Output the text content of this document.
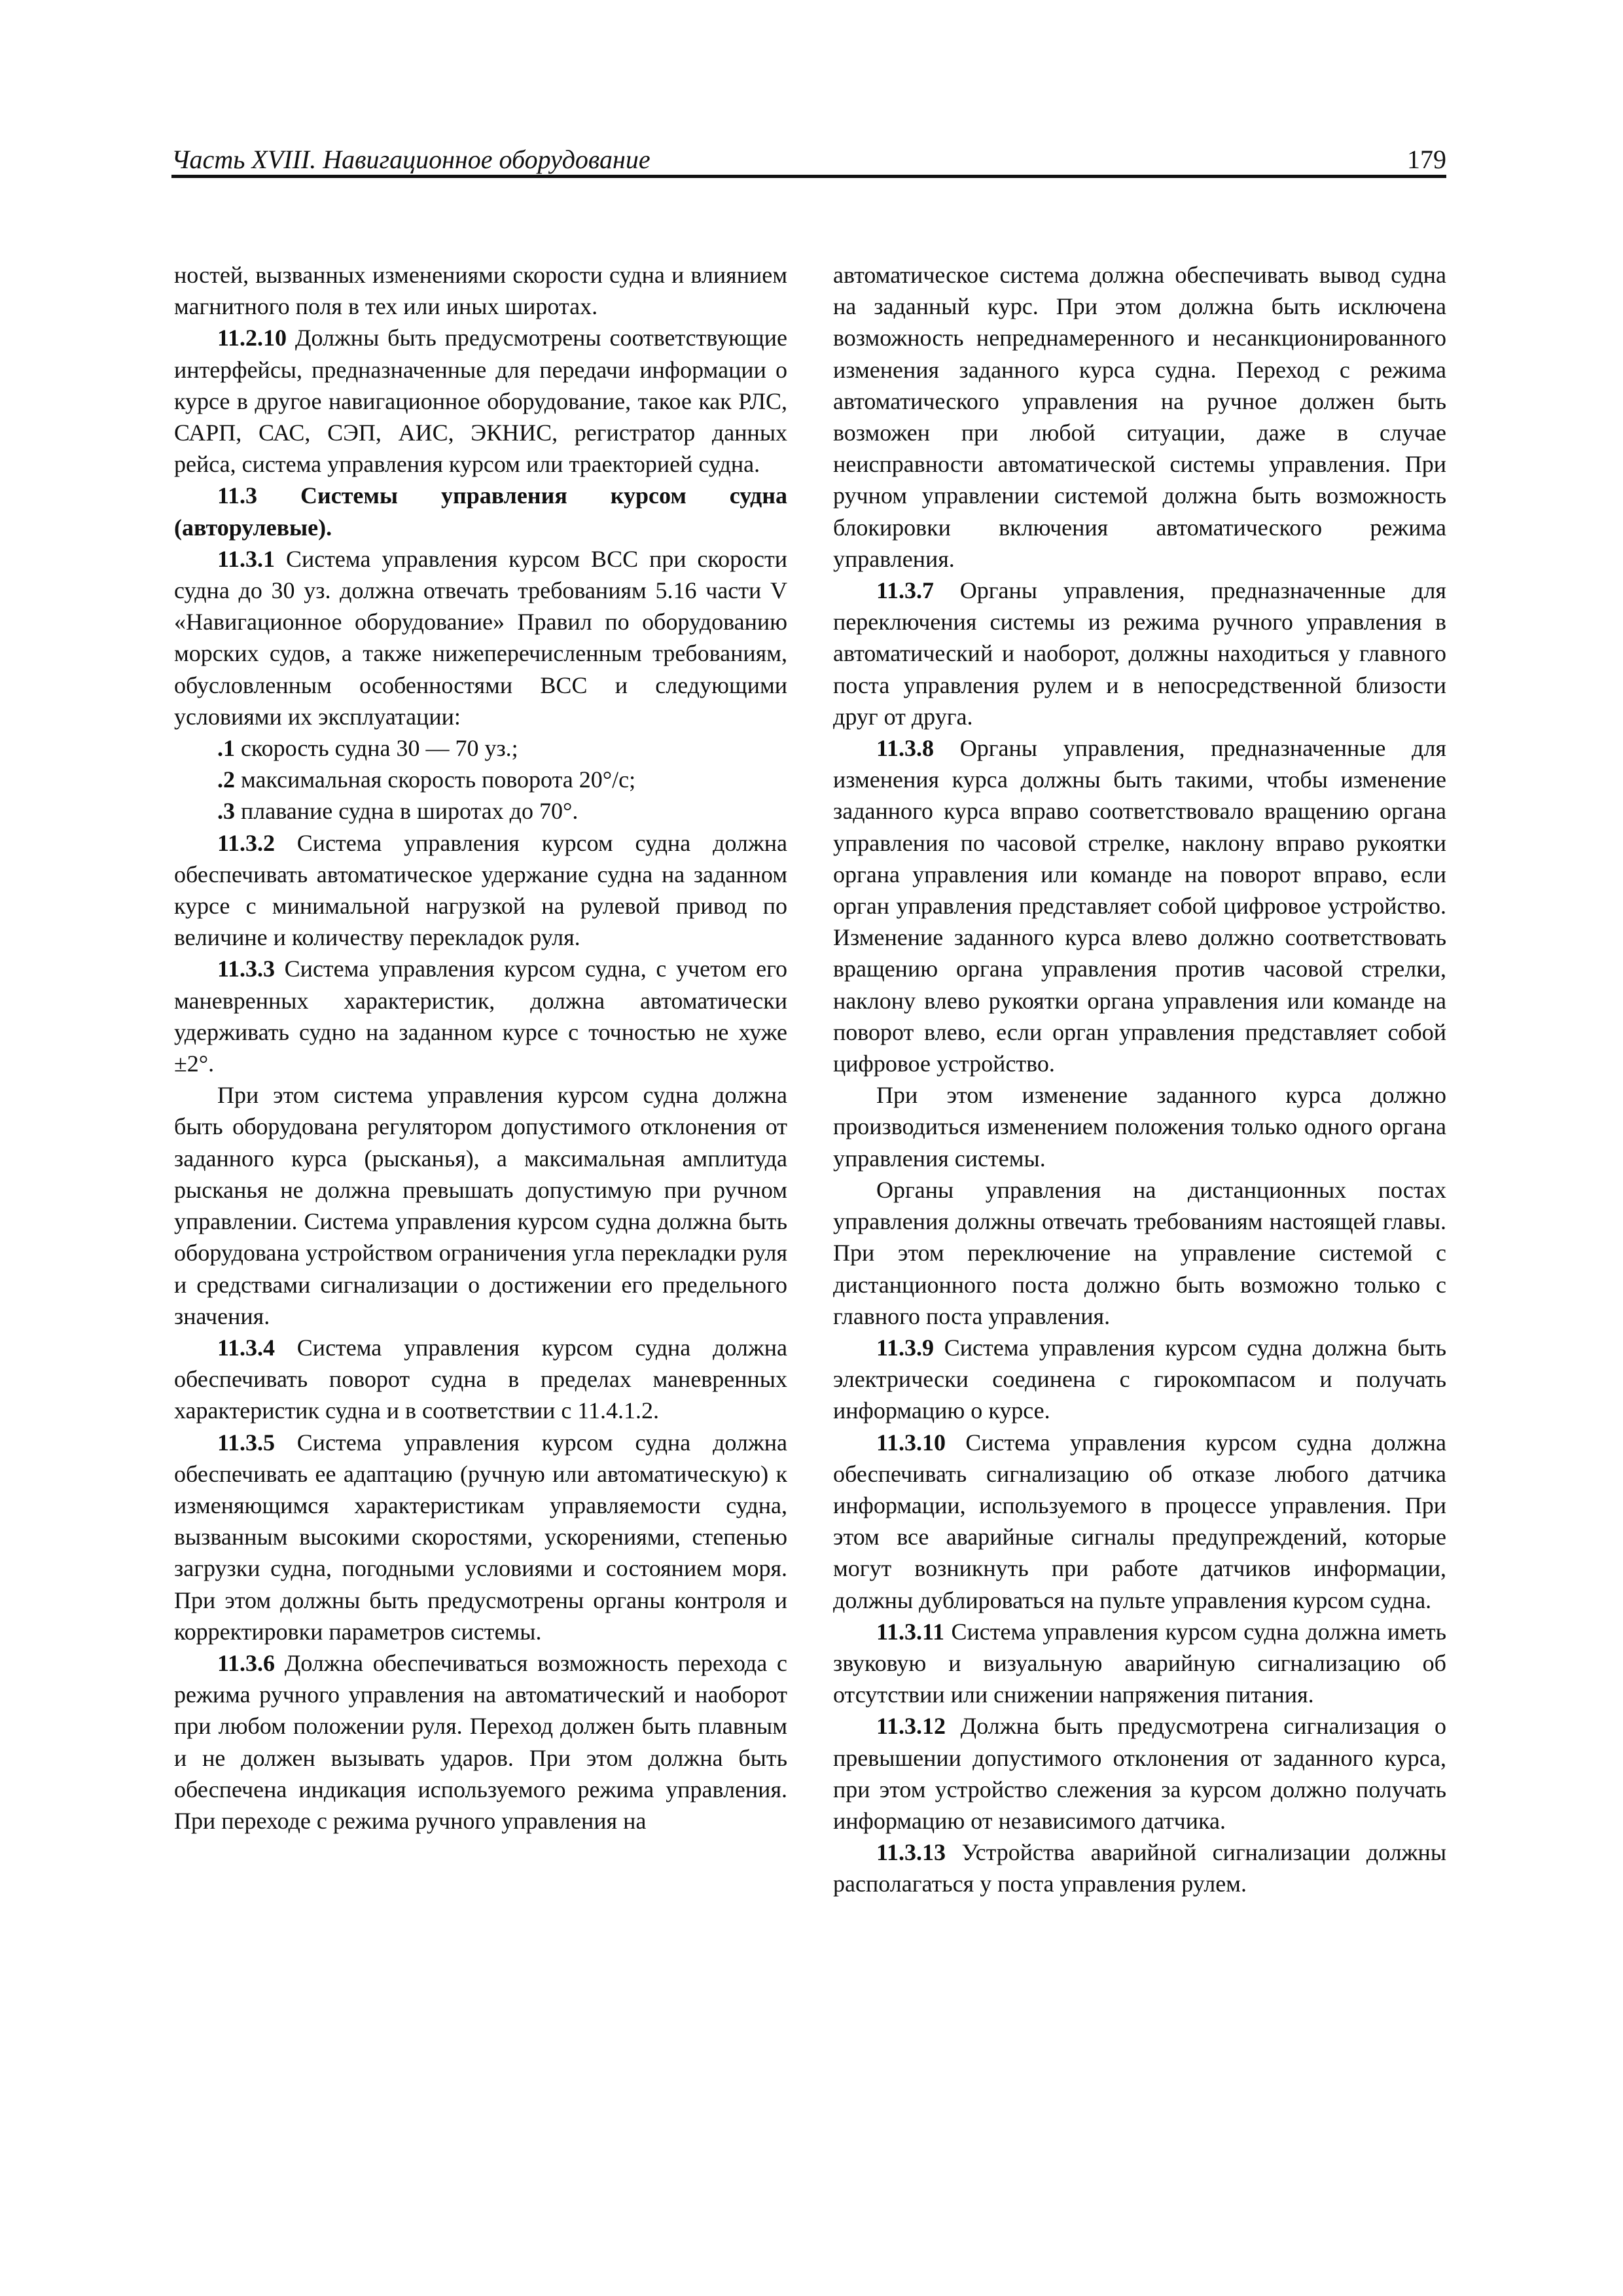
Часть XVIII. Навигационное оборудование	179

ностей, вызванных изменениями скорости судна и влиянием магнитного поля в тех или иных широтах.

11.2.10 Должны быть предусмотрены соответствующие интерфейсы, предназначенные для передачи информации о курсе в другое навигационное оборудование, такое как РЛС, САРП, САС, СЭП, АИС, ЭКНИС, регистратор данных рейса, система управления курсом или траекторией судна.

11.3 Системы управления курсом судна (авторулевые).

11.3.1 Система управления курсом ВСС при скорости судна до 30 уз. должна отвечать требованиям 5.16 части V «Навигационное оборудование» Правил по оборудованию морских судов, а также нижеперечисленным требованиям, обусловленным особенностями ВСС и следующими условиями их эксплуатации:

.1 скорость судна 30 — 70 уз.;

.2 максимальная скорость поворота 20°/с;

.3 плавание судна в широтах до 70°.

11.3.2 Система управления курсом судна должна обеспечивать автоматическое удержание судна на заданном курсе с минимальной нагрузкой на рулевой привод по величине и количеству перекладок руля.

11.3.3 Система управления курсом судна, с учетом его маневренных характеристик, должна автоматически удерживать судно на заданном курсе с точностью не хуже ±2°.

При этом система управления курсом судна должна быть оборудована регулятором допустимого отклонения от заданного курса (рысканья), а максимальная амплитуда рысканья не должна превышать допустимую при ручном управлении. Система управления курсом судна должна быть оборудована устройством ограничения угла перекладки руля и средствами сигнализации о достижении его предельного значения.

11.3.4 Система управления курсом судна должна обеспечивать поворот судна в пределах маневренных характеристик судна и в соответствии с 11.4.1.2.

11.3.5 Система управления курсом судна должна обеспечивать ее адаптацию (ручную или автоматическую) к изменяющимся характеристикам управляемости судна, вызванным высокими скоростями, ускорениями, степенью загрузки судна, погодными условиями и состоянием моря. При этом должны быть предусмотрены органы контроля и корректировки параметров системы.

11.3.6 Должна обеспечиваться возможность перехода с режима ручного управления на автоматический и наоборот при любом положении руля. Переход должен быть плавным и не должен вызывать ударов. При этом должна быть обеспечена индикация используемого режима управления. При переходе с режима ручного управления на

автоматическое система должна обеспечивать вывод судна на заданный курс. При этом должна быть исключена возможность непреднамеренного и несанкционированного изменения заданного курса судна. Переход с режима автоматического управления на ручное должен быть возможен при любой ситуации, даже в случае неисправности автоматической системы управления. При ручном управлении системой должна быть возможность блокировки включения автоматического режима управления.

11.3.7 Органы управления, предназначенные для переключения системы из режима ручного управления в автоматический и наоборот, должны находиться у главного поста управления рулем и в непосредственной близости друг от друга.

11.3.8 Органы управления, предназначенные для изменения курса должны быть такими, чтобы изменение заданного курса вправо соответствовало вращению органа управления по часовой стрелке, наклону вправо рукоятки органа управления или команде на поворот вправо, если орган управления представляет собой цифровое устройство. Изменение заданного курса влево должно соответствовать вращению органа управления против часовой стрелки, наклону влево рукоятки органа управления или команде на поворот влево, если орган управления представляет собой цифровое устройство.

При этом изменение заданного курса должно производиться изменением положения только одного органа управления системы.

Органы управления на дистанционных постах управления должны отвечать требованиям настоящей главы. При этом переключение на управление системой с дистанционного поста должно быть возможно только с главного поста управления.

11.3.9 Система управления курсом судна должна быть электрически соединена с гирокомпасом и получать информацию о курсе.

11.3.10 Система управления курсом судна должна обеспечивать сигнализацию об отказе любого датчика информации, используемого в процессе управления. При этом все аварийные сигналы предупреждений, которые могут возникнуть при работе датчиков информации, должны дублироваться на пульте управления курсом судна.

11.3.11 Система управления курсом судна должна иметь звуковую и визуальную аварийную сигнализацию об отсутствии или снижении напряжения питания.

11.3.12 Должна быть предусмотрена сигнализация о превышении допустимого отклонения от заданного курса, при этом устройство слежения за курсом должно получать информацию от независимого датчика.

11.3.13 Устройства аварийной сигнализации должны располагаться у поста управления рулем.
